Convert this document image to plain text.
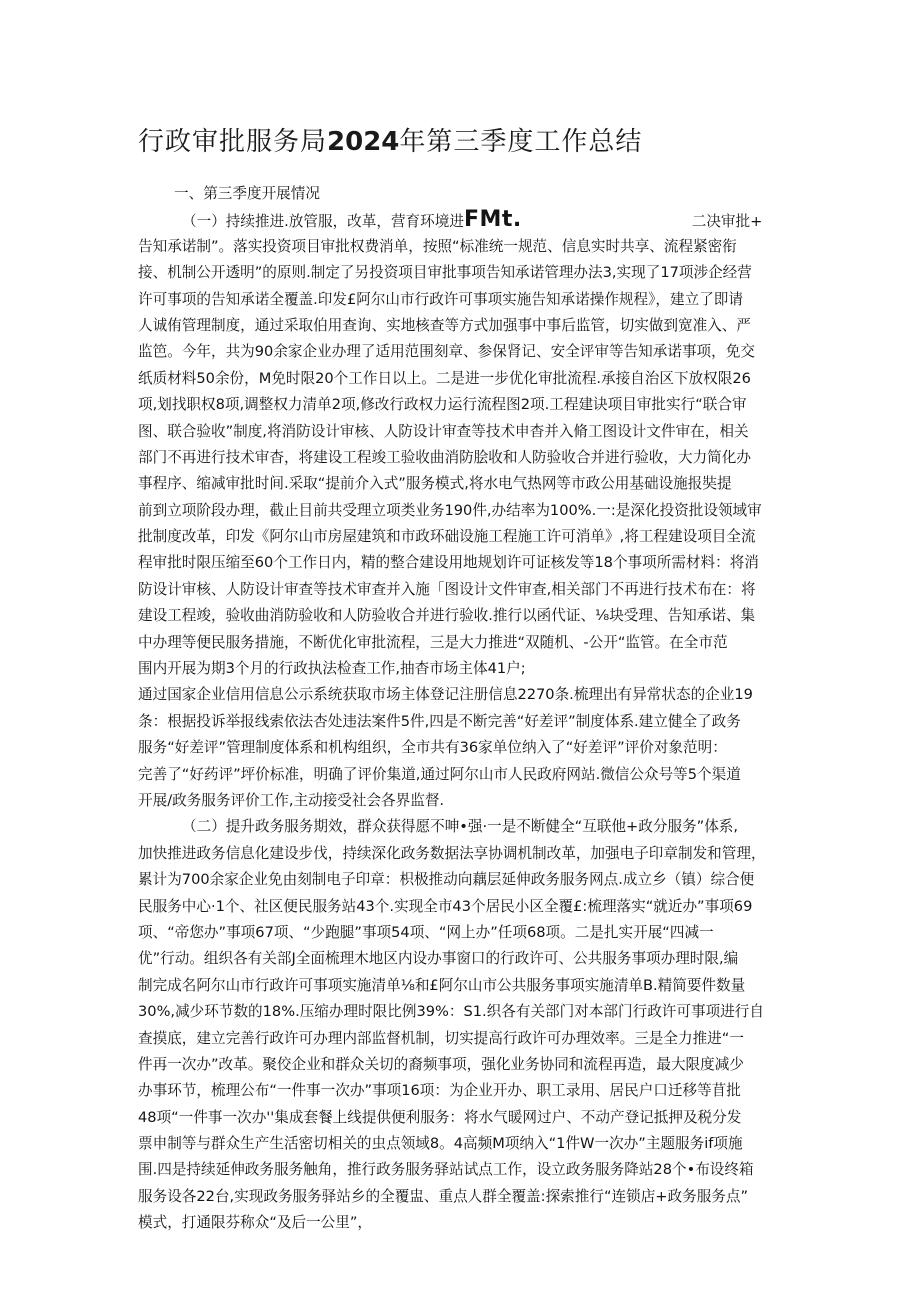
行政审批服务局2024年第三季度工作总结
一、第三季度开展情况
（一）持续推进.放管服，改革，营育环境进FMt.	二决审批+
告知承诺制”。落实投资项目审批权费消单，按照“标准统一规范、信息实时共享、流程紧密衔
接、机制公开透明”的原则.制定了另投资项目审批事项告知承诺管理办法3,实现了17项涉企经营
许可事项的告知承诺全覆盖.印发£阿尔山市行政许可事项实施告知承诺操作规程》，建立了即请
人诚侑管理制度，通过采取伯用查询、实地核查等方式加强事中事后监管，切实做到宽准入、严
监笆。今年，共为90余家企业办理了适用范围刻章、参保肾记、安全评审等告知承诺事项，免交
纸质材料50余份，M免时限20个工作日以上。二是进一步优化审批流程.承接自治区下放权限26
项,划找职权8项,调整权力清单2项,修改行政权力运行流程图2项.工程建诀项目审批实行“联合审
图、联合验收”制度,将消防设计审核、人防设计审查等技术申杳并入脩工图设计文件审在，相关
部门不再进行技术审杳，将建设工程竣工验收曲消防脍收和人防验收合并进行验收，大力简化办
事程序、缩减审批时间.采取“提前介入式”服务模式,将水电气热网等市政公用基础设施报奘提
前到立项阶段办理，截止目前共受理立项类业务190件,办结率为100%.一:是深化投资批设领域审
批制度改革，印发《阿尔山市房屋建筑和市政环础设施工程施工许可消单》,将工程建设项目全流
程审批时限压缩至60个工作日内，精的整合建设用地规划许可证核发等18个事项所需材料：将消
防设计审核、人防设计审查等技术审查并入施「图设计文件审查,相关部门不再进行技术布在：将
建设工程竣，验收曲消防验收和人防验收合并进行验收.推行以函代证、⅛块受理、告知承诺、集
中办理等便民服务措施，不断优化审批流程，三是大力推进“双随机、-公开“监管。在全市范
围内开展为期3个月的行政执法检查工作,抽杳市场主体41户;
通过国家企业信用信息公示系统获取市场主体登记注册信息2270条.梳理出有异常状态的企业19
条：根据投诉举报线索依法杏处违法案件5件,四是不断完善“好差评”制度体系.建立健全了政务
服务“好差评”管理制度体系和机构组织，全市共有36家单位纳入了“好差评”评价对象范明：
完善了“好药评”坪价标准，明确了评价集道,通过阿尔山市人民政府网站.微信公众号等5个渠道
开展/政务服务评价工作,主动接受社会各界监督.
（二）提升政务服务期效，群众获得愿不呻•强·一是不断健全“互联他+政分服务”体系,
加快推进政务信息化建设步伐，持续深化政务数据法享协调机制改革，加强电子印章制发和管理，
累计为700余家企业免由刻制电子印章：枳极推动向藕层延伸政务服务网点.成立乡（镇）综合便
民服务中心·1个、社区便民服务站43个.实现全市43个居民小区全覆£:梳理落实“就近办”事项69
项、“帝您办”事项67项、“少跑腿”事项54项、“网上办”任项68项。二是扎实开展“四减一
优”行动。组织各有关部J全面梳理木地区内设办事窗口的行政许可、公共服务事项办理时限,编
制完成名阿尔山市行政许可事项实施清单⅛和£阿尔山市公共服务事项实施清单B.精简要件数量
30%,减少环节数的18%.压缩办理时限比例39%：S1.织各有关部门对本部门行政许可事项进行自
查摸底，建立完善行政许可办理内部监督机制，切实提高行政许可办理效率。三是全力推进“一
件再一次办”改革。聚佼企业和群众关切的裔频事项，强化业务协同和流程再造，最大限度减少
办事环节，梳理公布“一件事一次办”事项16项：为企业开办、职工录用、居民户口迁移等苜批
48项“一件事一次办''集成套餐上线提供便利服务：将水气暖网过户、不动产登记抵押及税分发
票申制等与群众生产生活密切相关的虫点领域8。4高频M项纳入“1件W一次办”主题服务if项施
围.四是持续延伸政务服务触角，推行政务服务驿站试点工作，设立政务服务降站28个•布设终箱
服务设各22台,实现政务服务驿站乡的全覆盅、重点人群全覆盖:探索推行“连锁店+政务服务点”
模式，打通限芬称众“及后一公里”，
